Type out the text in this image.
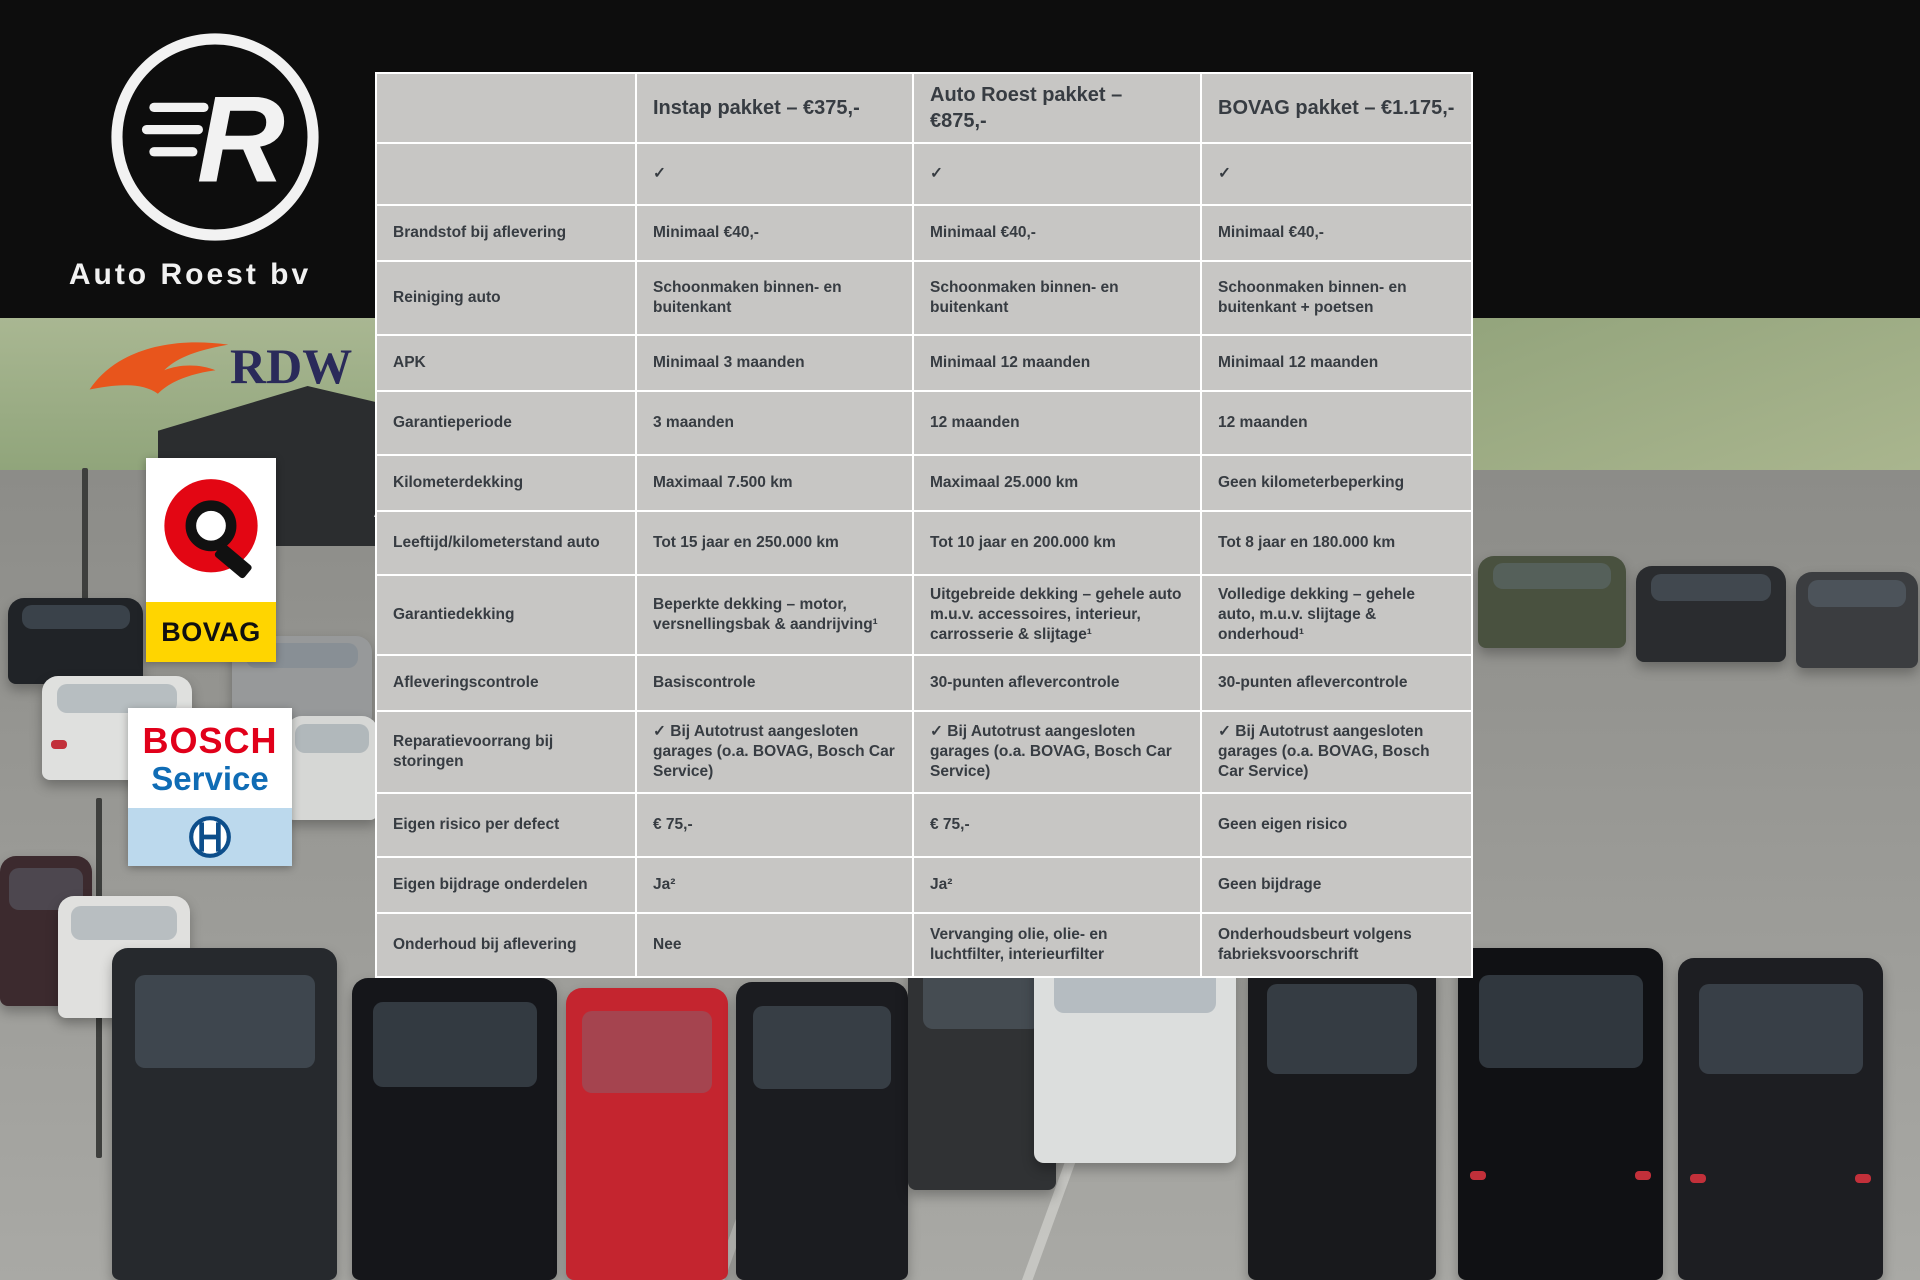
R
Auto Roest bv
RDW
BOVAG
BOSCH
Service
	Instap pakket – €375,-	Auto Roest pakket – €875,-	BOVAG pakket – €1.175,-
	✓	✓	✓
Brandstof bij aflevering	Minimaal €40,-	Minimaal €40,-	Minimaal €40,-
Reiniging auto	Schoonmaken binnen- en buitenkant	Schoonmaken binnen- en buitenkant	Schoonmaken binnen- en buitenkant + poetsen
APK	Minimaal 3 maanden	Minimaal 12 maanden	Minimaal 12 maanden
Garantieperiode	3 maanden	12 maanden	12 maanden
Kilometerdekking	Maximaal 7.500 km	Maximaal 25.000 km	Geen kilometerbeperking
Leeftijd/kilometerstand auto	Tot 15 jaar en 250.000 km	Tot 10 jaar en 200.000 km	Tot 8 jaar en 180.000 km
Garantiedekking	Beperkte dekking – motor, versnellingsbak & aandrijving¹	Uitgebreide dekking – gehele auto m.u.v. accessoires, interieur, carrosserie & slijtage¹	Volledige dekking – gehele auto, m.u.v. slijtage & onderhoud¹
Afleveringscontrole	Basiscontrole	30-punten aflevercontrole	30-punten aflevercontrole
Reparatievoorrang bij storingen	✓ Bij Autotrust aangesloten garages (o.a. BOVAG, Bosch Car Service)	✓ Bij Autotrust aangesloten garages (o.a. BOVAG, Bosch Car Service)	✓ Bij Autotrust aangesloten garages (o.a. BOVAG, Bosch Car Service)
Eigen risico per defect	€ 75,-	€ 75,-	Geen eigen risico
Eigen bijdrage onderdelen	Ja²	Ja²	Geen bijdrage
Onderhoud bij aflevering	Nee	Vervanging olie, olie- en luchtfilter, interieurfilter	Onderhoudsbeurt volgens fabrieksvoorschrift
